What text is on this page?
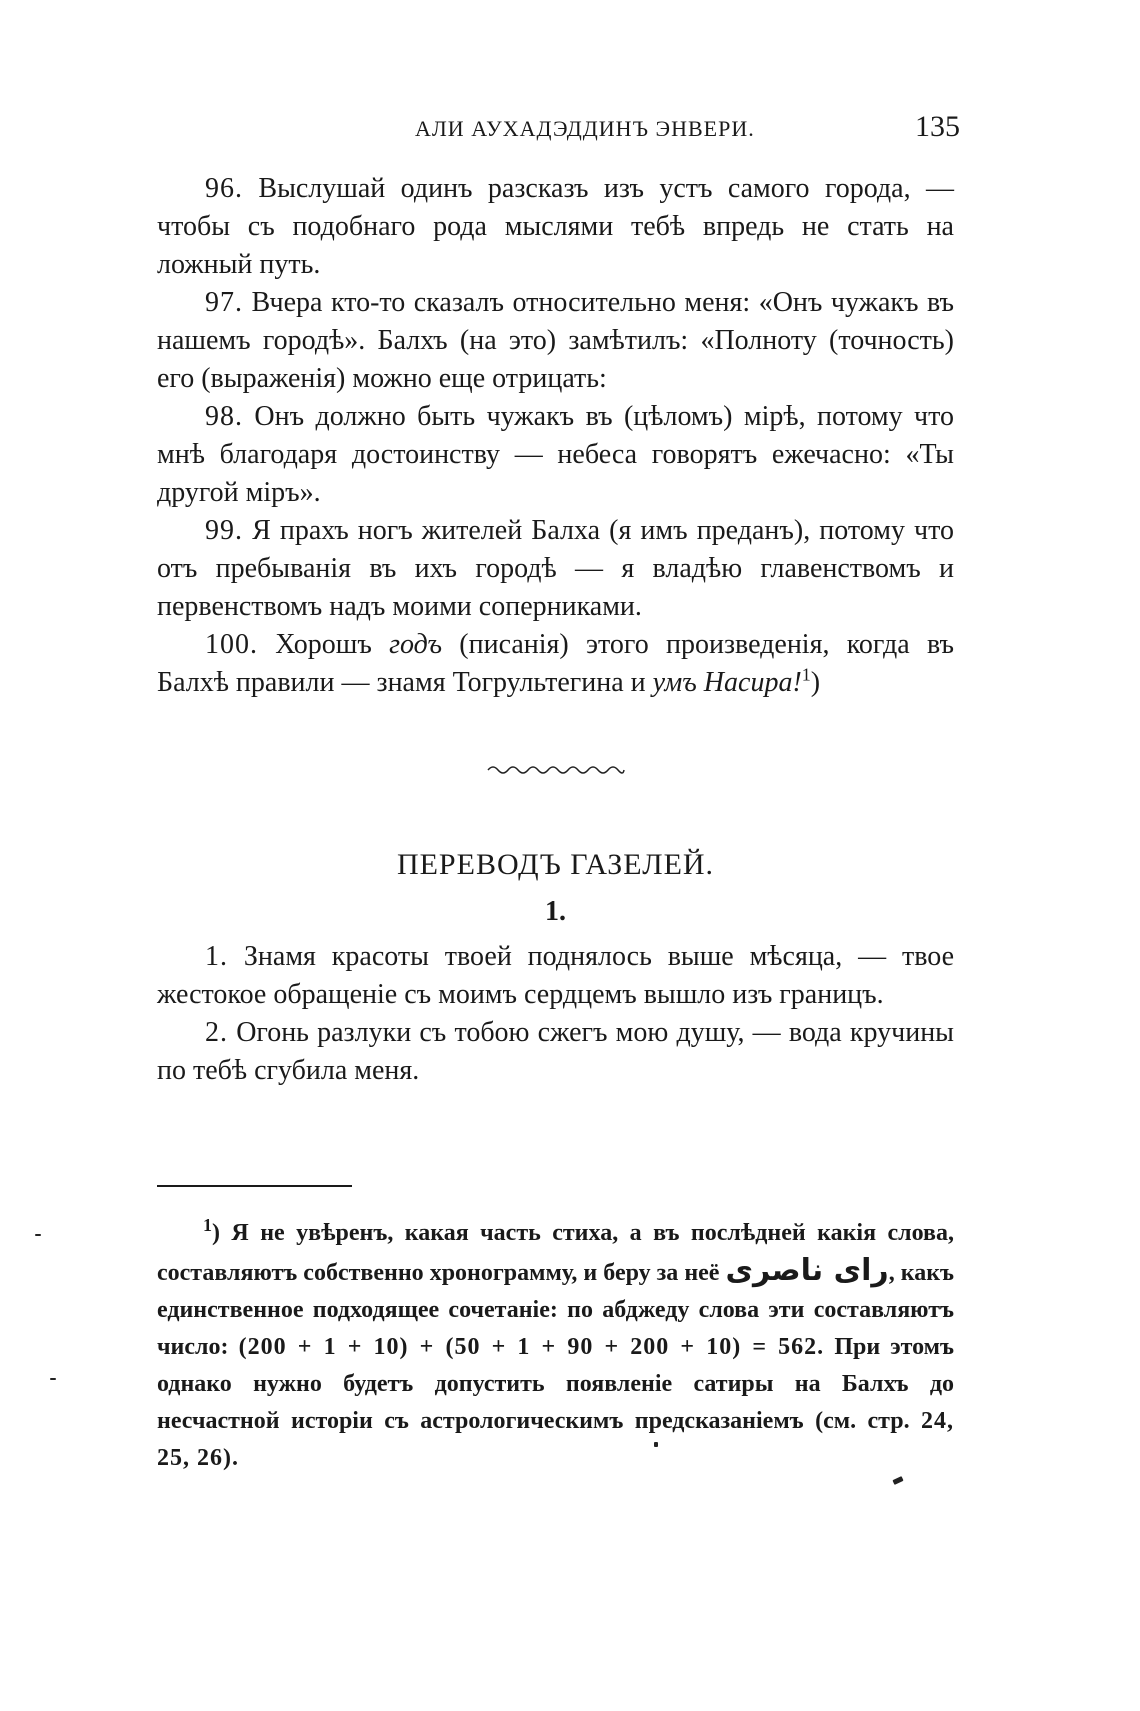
АЛИ АУХАДЭДДИНЪ ЭНВЕРИ.	135

96. Выслушай одинъ разсказъ изъ устъ самого города, — чтобы съ подобнаго рода мыслями тебѣ впредь не стать на ложный путь.

97. Вчера кто-то сказалъ относительно меня: «Онъ чужакъ въ нашемъ городѣ». Балхъ (на это) замѣтилъ: «Полноту (точность) его (выраженія) можно еще отрицать:

98. Онъ должно быть чужакъ въ (цѣломъ) мірѣ, потому что мнѣ благодаря достоинству — небеса говорятъ ежечасно: «Ты другой міръ».

99. Я прахъ ногъ жителей Балха (я имъ преданъ), потому что отъ пребыванія въ ихъ городѣ — я владѣю главенствомъ и первенствомъ надъ моими соперниками.

100. Хорошъ годъ (писанія) этого произведенія, когда въ Балхѣ правили — знамя Тогрультегина и умъ Насира!$^1$)

ПЕРЕВОДЪ ГАЗЕЛЕЙ.
1.

1. Знамя красоты твоей поднялось выше мѣсяца, — твое жестокое обращеніе съ моимъ сердцемъ вышло изъ границъ.

2. Огонь разлуки съ тобою сжегъ мою душу, — вода кручины по тебѣ сгубила меня.

$^1$) Я не увѣренъ, какая часть стиха, а въ послѣдней какія слова, составляютъ собственно хронограмму, и беру за неё رای ناصری, какъ единственное подходящее сочетаніе: по абджеду слова эти составляютъ число: (200 + 1 + 10) + (50 + 1 + 90 + 200 + 10) = 562. При этомъ однако нужно будетъ допустить появленіе сатиры на Балхъ до несчастной исторіи съ астрологическимъ предсказаніемъ (см. стр. 24, 25, 26).
